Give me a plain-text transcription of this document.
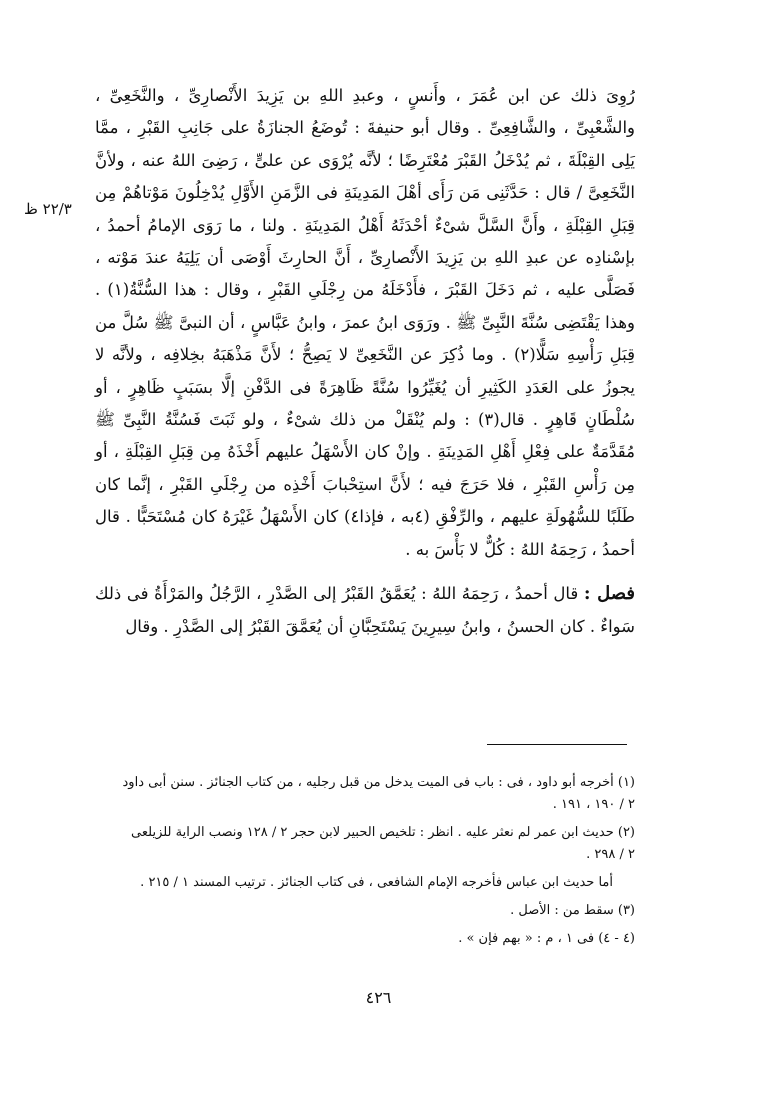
٢٢/٣ ظ

رُوِىَ ذلك عن ابن عُمَرَ ، وأَنسٍ ، وعبدِ اللهِ بن يَزِيدَ الأَنْصارِىِّ ، والنَّخَعِىِّ ، والشَّعْبِىِّ ، والشَّافِعِىِّ . وقال أبو حنيفةَ : تُوضَعُ الجنازَةُ على جَانِبِ القَبْرِ ، ممَّا يَلِى القِبْلَةَ ، ثم يُدْخَلُ القَبْرَ مُعْتَرِضًا ؛ لأنَّه يُرْوَى عن علىٍّ ، رَضِىَ اللهُ عنه ، ولأنَّ النَّخَعِىَّ / قال : حَدَّثَنِى مَن رَأَى أهْلَ المَدِينَةِ فى الزَّمَنِ الأَوَّلِ يُدْخِلُونَ مَوْتاهُمْ مِن قِبَلِ القِبْلَةِ ، وأَنَّ السَّلَّ شىْءٌ أحْدَثَهُ أَهْلُ المَدِينَةِ . ولنا ، ما رَوَى الإمامُ أحمدُ ، بإسْنادِه عن عبدِ اللهِ بن يَزِيدَ الأَنْصارِىِّ ، أَنَّ الحارِثَ أَوْصَى أن يَلِيَهُ عندَ مَوْته ، فَصَلَّى عليه ، ثم دَخَلَ القَبْرَ ، فأَدْخَلَهُ من رِجْلَىِ القَبْرِ ، وقال : هذا السُّنَّةُ(١) . وهذا يَقْتَضِى سُنَّةَ النَّبِىِّ ﷺ . ورَوَى ابنُ عمرَ ، وابنُ عَبَّاسٍ ، أن النبىَّ ﷺ سُلَّ من قِبَلِ رَأْسِهِ سَلًّا(٢) . وما ذُكِرَ عن النَّخَعِىِّ لا يَصِحُّ ؛ لأَنَّ مَذْهَبَهُ بخِلافِه ، ولأنَّه لا يجوزُ على العَدَدِ الكَثِيرِ أن يُغَيِّرُوا سُنَّةً ظَاهِرَةً فى الدَّفْنِ إلَّا بسَبَبٍ ظَاهِرٍ ، أو سُلْطَانٍ قَاهِرٍ . قال(٣) : ولم يُنْقَلْ من ذلك شىْءٌ ، ولو ثَبَتَ فَسُنَّةُ النَّبِىِّ ﷺ مُقَدَّمَةٌ على فِعْلِ أَهْلِ المَدِينَةِ . وإنْ كان الأَسْهَلُ عليهم أَخْذَهُ مِن قِبَلِ القِبْلَةِ ، أو مِن رَأْسِ القَبْرِ ، فلا حَرَجَ فيه ؛ لأَنَّ استِحْبابَ أَخْذِه من رِجْلَىِ القَبْرِ ، إنَّما كان طَلَبًا للسُّهُولَةِ عليهم ، والرِّفْقِ (٤به ، فإذا٤) كان الأَسْهَلُ غَيْرَهُ كان مُسْتَحَبًّا . قال أحمدُ ، رَحِمَهُ اللهُ : كُلٌّ لا بَأْسَ به .

فصل : قال أحمدُ ، رَحِمَهُ اللهُ : يُعَمَّقُ القَبْرُ إلى الصَّدْرِ ، الرَّجُلُ والمَرْأَةُ فى ذلك سَواءٌ . كان الحسنُ ، وابنُ سِيرِينَ يَسْتَحِبَّانِ أن يُعَمَّقَ القَبْرُ إلى الصَّدْرِ . وقال

(١) أخرجه أبو داود ، فى : باب فى الميت يدخل من قبل رجليه ، من كتاب الجنائز . سنن أبى داود
٢ / ١٩٠ ، ١٩١ .

(٢) حديث ابن عمر لم نعثر عليه . انظر : تلخيص الحبير لابن حجر ٢ / ١٢٨ ونصب الراية للزيلعى
٢ / ٢٩٨ .

أما حديث ابن عباس فأخرجه الإمام الشافعى ، فى كتاب الجنائز . ترتيب المسند ١ / ٢١٥ .

(٣) سقط من : الأصل .

(٤ - ٤) فى ١ ، م : « بهم فإن » .

٤٢٦
